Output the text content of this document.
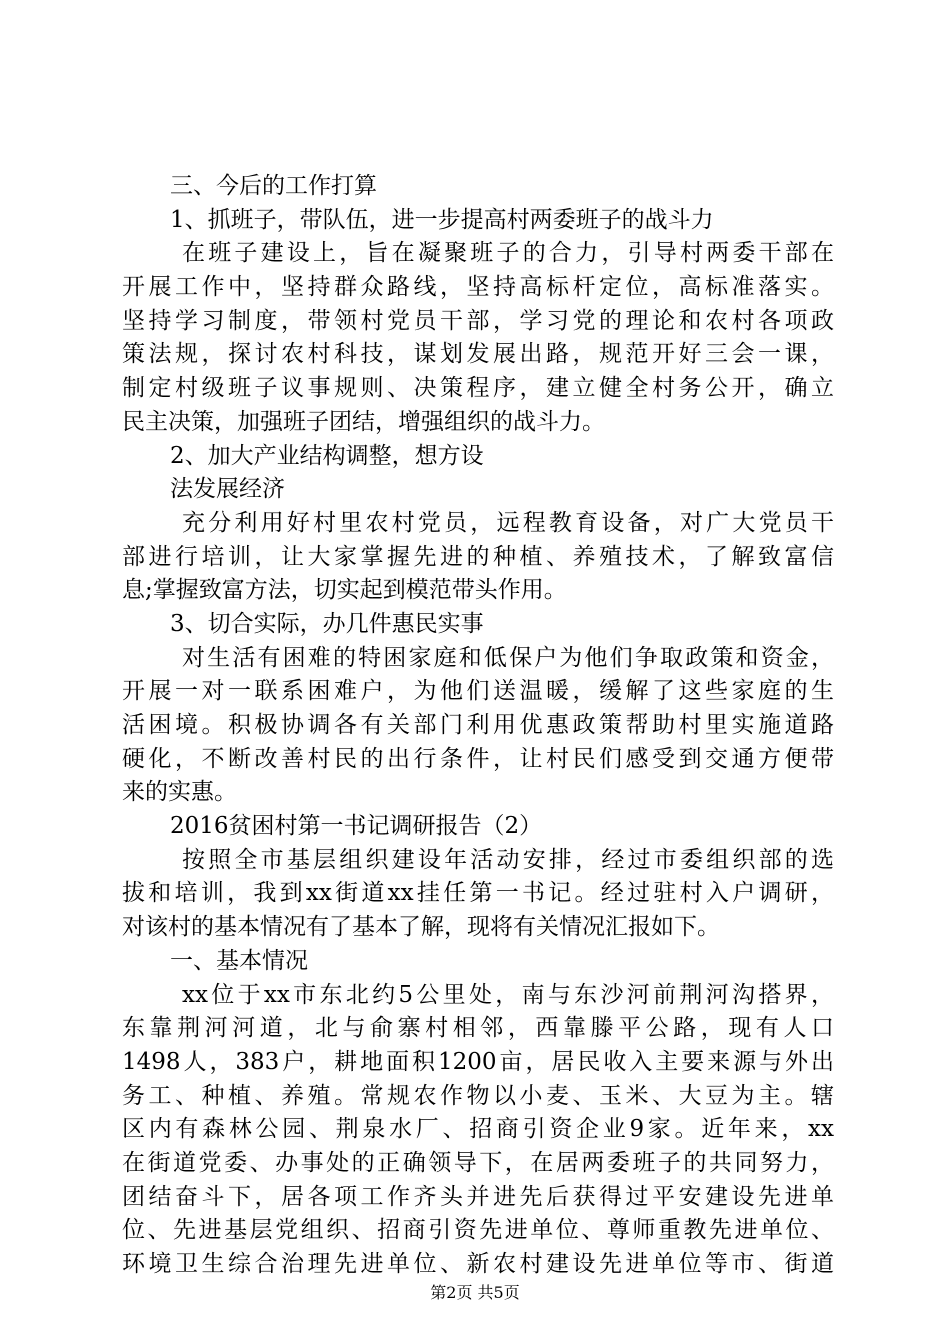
三、今后的工作打算
1、抓班子，带队伍，进一步提高村两委班子的战斗力
在班子建设上，旨在凝聚班子的合力，引导村两委干部在
开展工作中，坚持群众路线，坚持高标杆定位，高标准落实。
坚持学习制度，带领村党员干部，学习党的理论和农村各项政
策法规，探讨农村科技，谋划发展出路，规范开好三会一课，
制定村级班子议事规则、决策程序，建立健全村务公开，确立
民主决策，加强班子团结，增强组织的战斗力。
2、加大产业结构调整，想方设
法发展经济
充分利用好村里农村党员，远程教育设备，对广大党员干
部进行培训，让大家掌握先进的种植、养殖技术，了解致富信
息;掌握致富方法，切实起到模范带头作用。
3、切合实际，办几件惠民实事
对生活有困难的特困家庭和低保户为他们争取政策和资金，
开展一对一联系困难户，为他们送温暖，缓解了这些家庭的生
活困境。积极协调各有关部门利用优惠政策帮助村里实施道路
硬化，不断改善村民的出行条件，让村民们感受到交通方便带
来的实惠。
2016贫困村第一书记调研报告（2）
按照全市基层组织建设年活动安排，经过市委组织部的选
拔和培训，我到xx街道xx挂任第一书记。经过驻村入户调研，
对该村的基本情况有了基本了解，现将有关情况汇报如下。
一、基本情况
xx位于xx市东北约5公里处，南与东沙河前荆河沟搭界，
东靠荆河河道，北与俞寨村相邻，西靠滕平公路，现有人口
1498人，383户，耕地面积1200亩，居民收入主要来源与外出
务工、种植、养殖。常规农作物以小麦、玉米、大豆为主。辖
区内有森林公园、荆泉水厂、招商引资企业9家。近年来，xx
在街道党委、办事处的正确领导下，在居两委班子的共同努力，
团结奋斗下，居各项工作齐头并进先后获得过平安建设先进单
位、先进基层党组织、招商引资先进单位、尊师重教先进单位、
环境卫生综合治理先进单位、新农村建设先进单位等市、街道
第2页 共5页
